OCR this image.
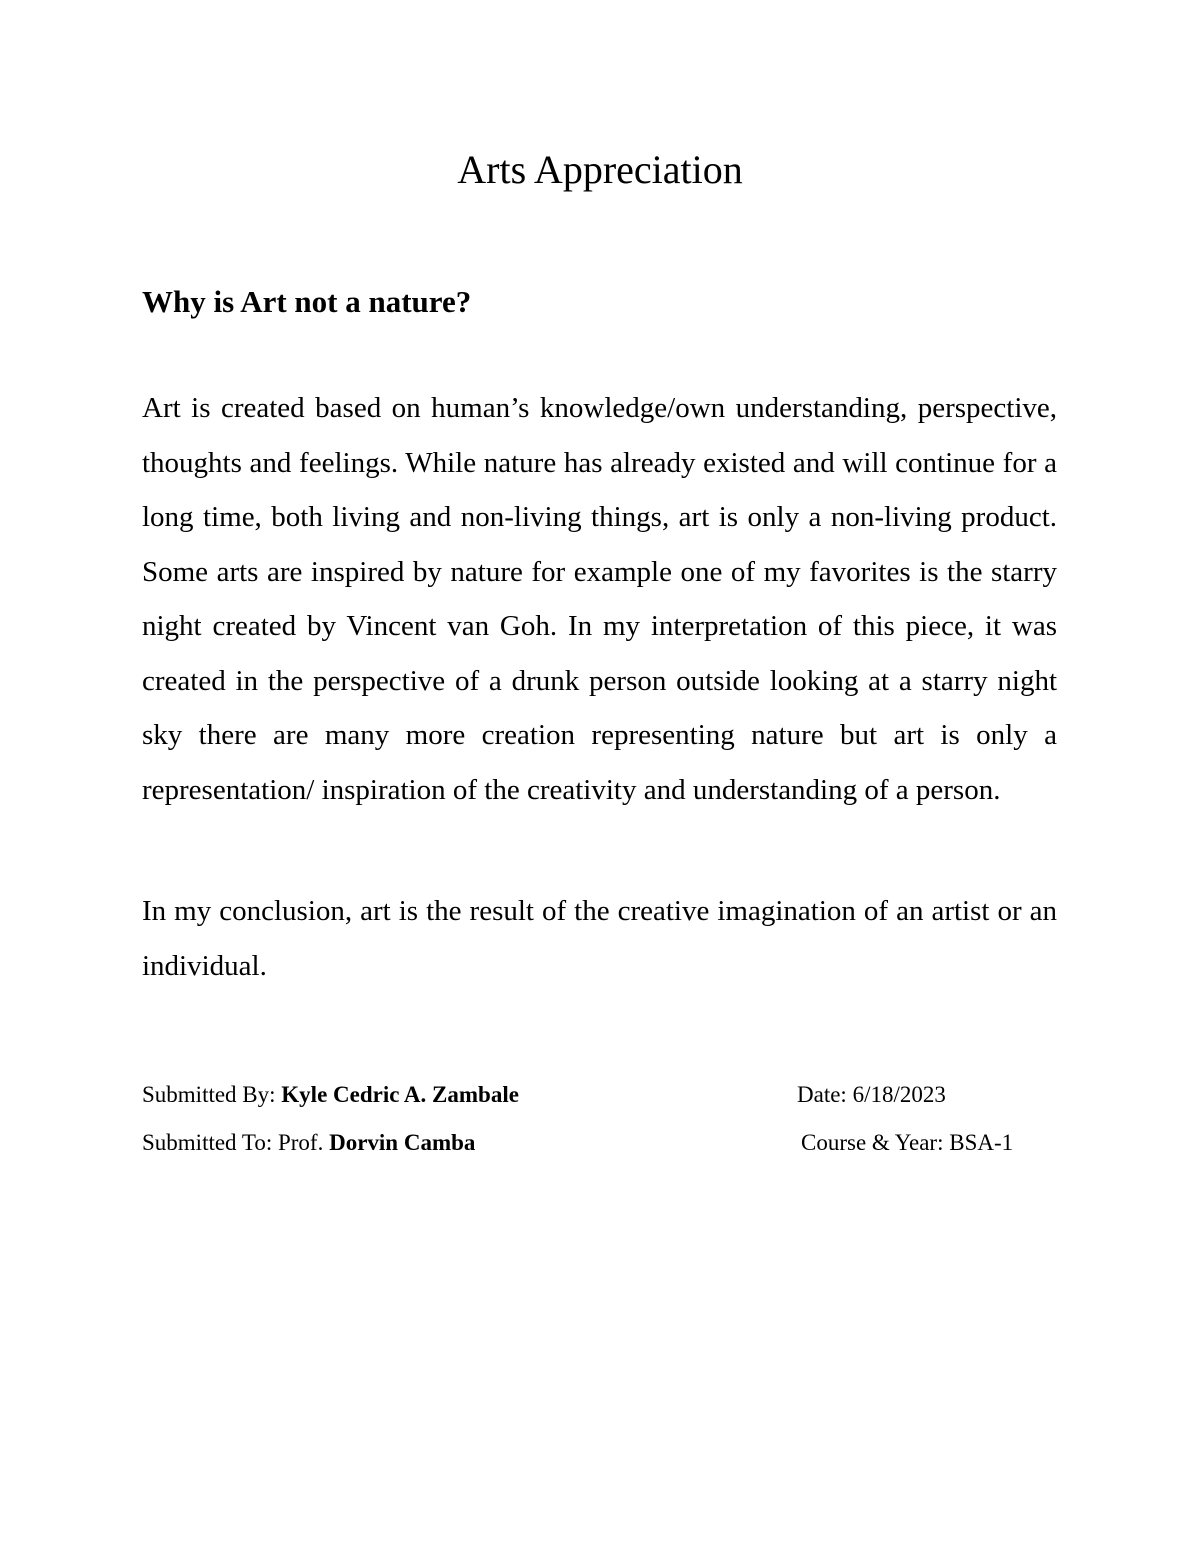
Arts Appreciation
Why is Art not a nature?

Art is created based on human’s knowledge/own understanding, perspective, thoughts and feelings. While nature has already existed and will continue for a long time, both living and non-living things, art is only a non-living product. Some arts are inspired by nature for example one of my favorites is the starry night created by Vincent van Goh. In my interpretation of this piece, it was created in the perspective of a drunk person outside looking at a starry night sky there are many more creation representing nature but art is only a representation/ inspiration of the creativity and understanding of a person.

In my conclusion, art is the result of the creative imagination of an artist or an individual.

Submitted By: Kyle Cedric A. Zambale	Date: 6/18/2023
Submitted To: Prof. Dorvin Camba	Course & Year: BSA-1
